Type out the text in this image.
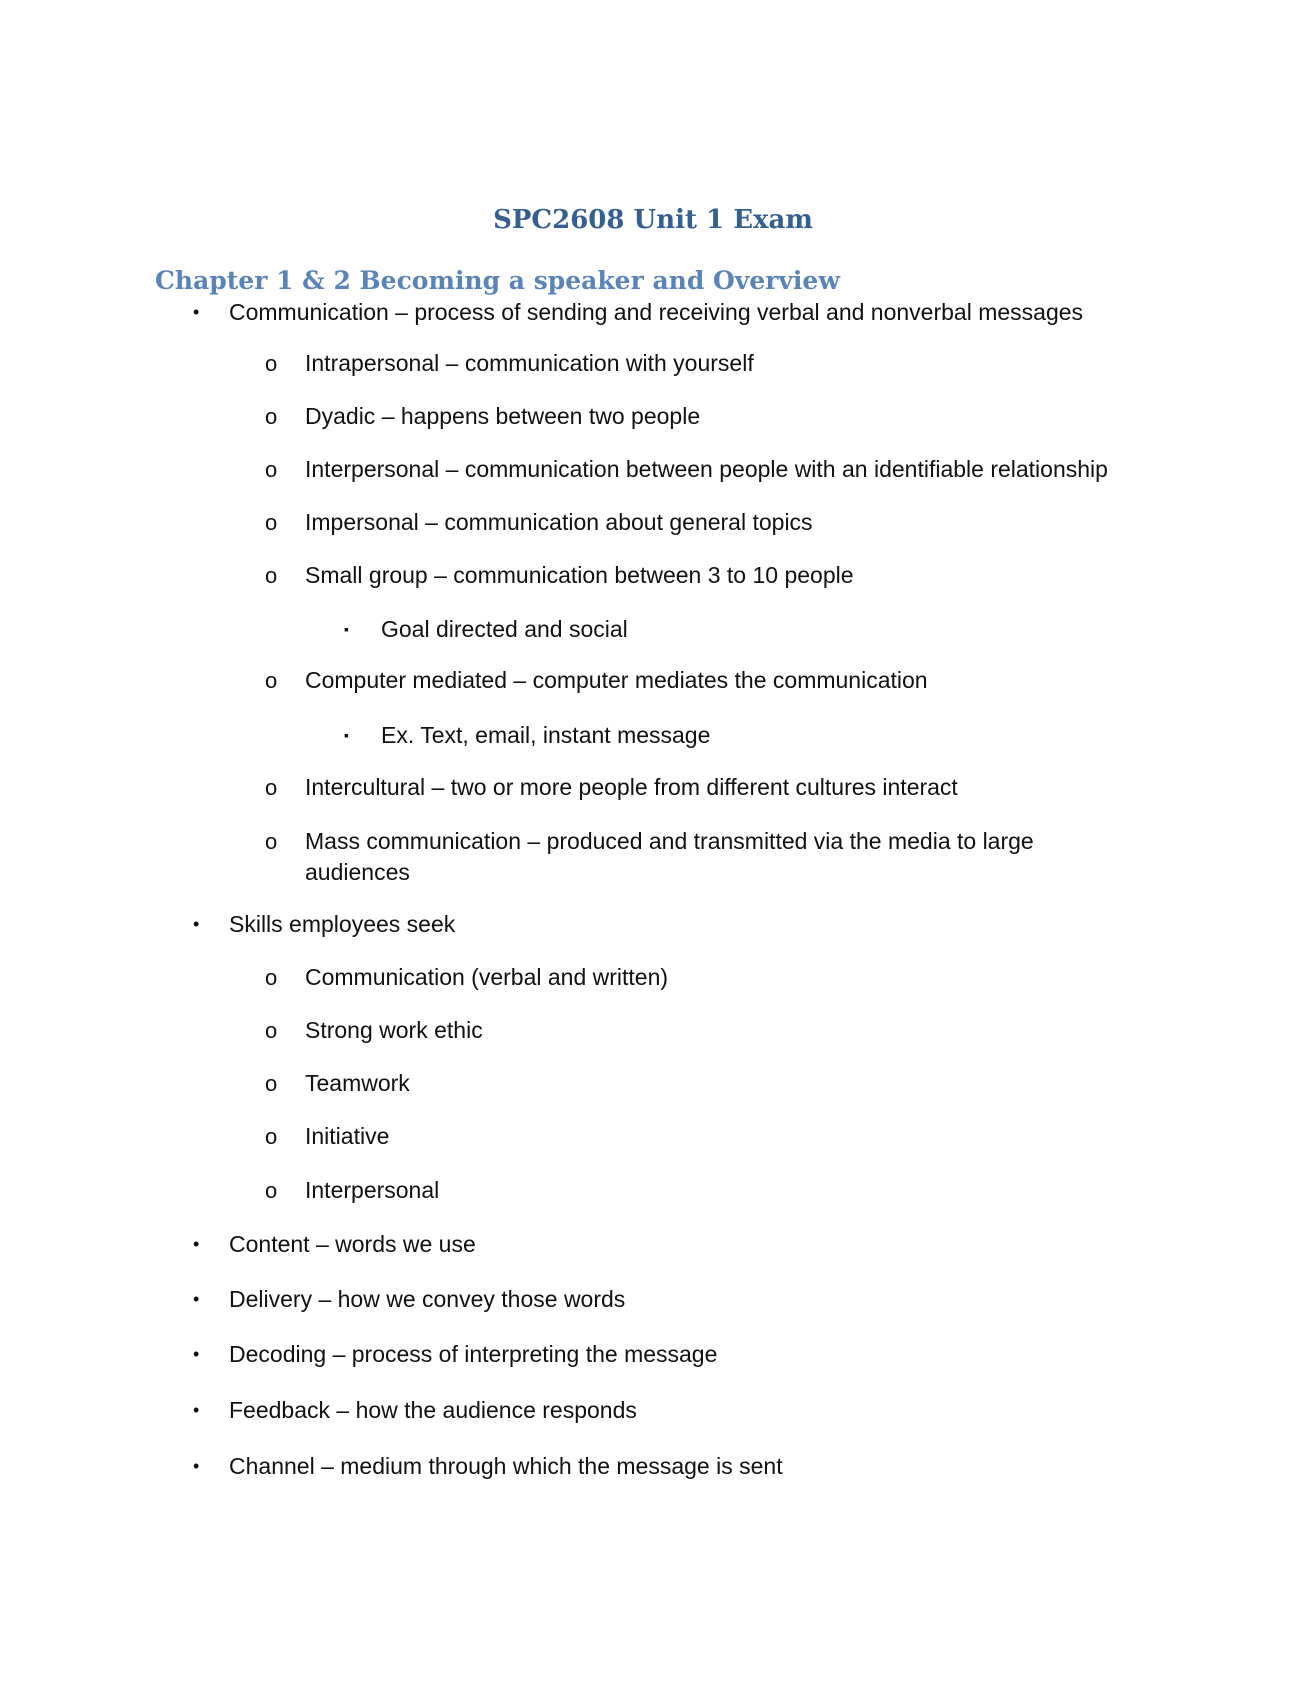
SPC2608 Unit 1 Exam
Chapter 1 & 2 Becoming a speaker and Overview
• Communication – process of sending and receiving verbal and nonverbal messages
o Intrapersonal – communication with yourself
o Dyadic – happens between two people
o Interpersonal – communication between people with an identifiable relationship
o Impersonal – communication about general topics
o Small group – communication between 3 to 10 people
▪ Goal directed and social
o Computer mediated – computer mediates the communication
▪ Ex. Text, email, instant message
o Intercultural – two or more people from different cultures interact
o Mass communication – produced and transmitted via the media to large audiences
• Skills employees seek
o Communication (verbal and written)
o Strong work ethic
o Teamwork
o Initiative
o Interpersonal
• Content – words we use
• Delivery – how we convey those words
• Decoding – process of interpreting the message
• Feedback – how the audience responds
• Channel – medium through which the message is sent
